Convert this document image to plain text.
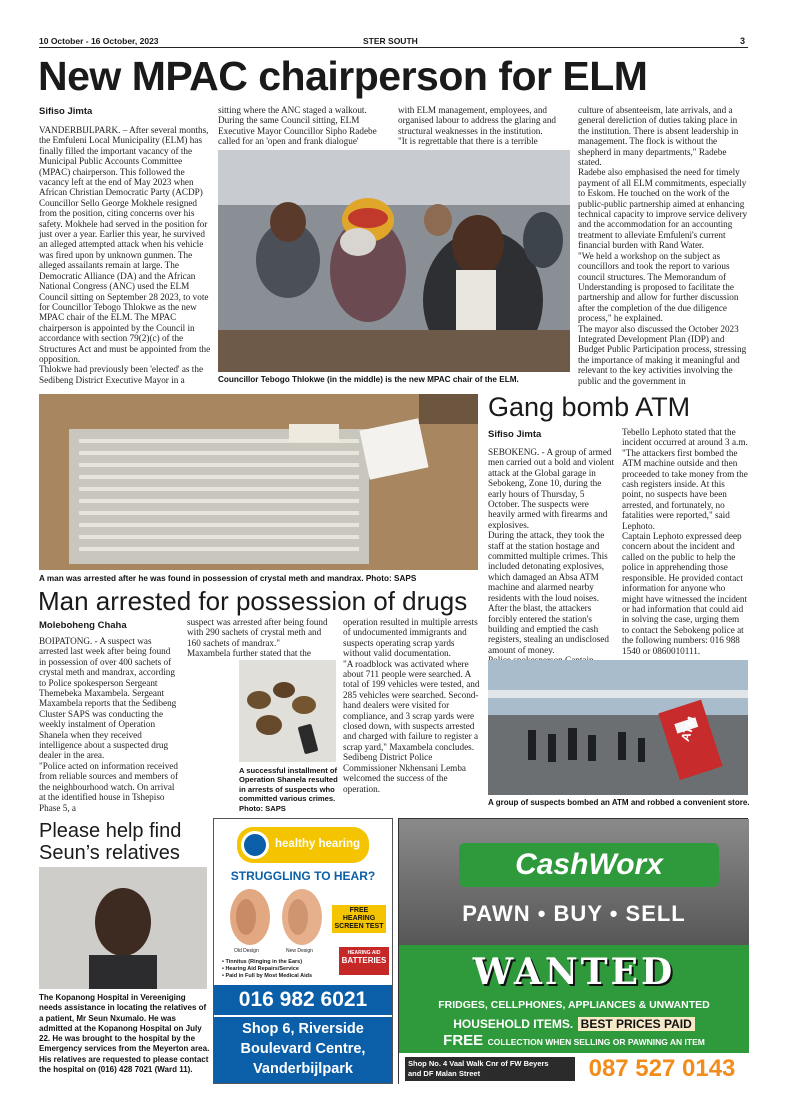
10 October - 16 October, 2023	STER SOUTH	3
New MPAC chairperson for ELM
Sifiso Jimta

VANDERBIJLPARK. – After several months, the Emfuleni Local Municipality (ELM) has finally filled the important vacancy of the Municipal Public Accounts Committee (MPAC) chairperson. This followed the vacancy left at the end of May 2023 when African Christian Democratic Party (ACDP) Councillor Sello George Mokhele resigned from the position, citing concerns over his safety. Mokhele had served in the position for just over a year. Earlier this year, he survived an alleged attempted attack when his vehicle was fired upon by unknown gunmen. The alleged assailants remain at large. The Democratic Alliance (DA) and the African National Congress (ANC) used the ELM Council sitting on September 28 2023, to vote for Councillor Tebogo Thlokwe as the new MPAC chair of the ELM. The MPAC chairperson is appointed by the Council in accordance with section 79(2)(c) of the Structures Act and must be appointed from the opposition.

Thlokwe had previously been 'elected' as the Sedibeng District Executive Mayor in a

sitting where the ANC staged a walkout. During the same Council sitting, ELM Executive Mayor Councillor Sipho Radebe called for an 'open and frank dialogue'

with ELM management, employees, and organised labour to address the glaring and structural weaknesses in the institution.

"It is regrettable that there is a terrible

culture of absenteeism, late arrivals, and a general dereliction of duties taking place in the institution. There is absent leadership in management. The flock is without the shepherd in many departments," Radebe stated.

Radebe also emphasised the need for timely payment of all ELM commitments, especially to Eskom. He touched on the work of the public-public partnership aimed at enhancing technical capacity to improve service delivery and the accommodation for an accounting treatment to alleviate Emfuleni's current financial burden with Rand Water.

"We held a workshop on the subject as councillors and took the report to various council structures. The Memorandum of Understanding is proposed to facilitate the partnership and allow for further discussion after the completion of the due diligence process," he explained.

The mayor also discussed the October 2023 Integrated Development Plan (IDP) and Budget Public Participation process, stressing the importance of making it meaningful and relevant to the key activities involving the public and the government in

Councillor Tebogo Thlokwe (in the middle) is the new MPAC chair of the ELM.
A man was arrested after he was found in possession of crystal meth and mandrax. Photo: SAPS
Man arrested for possession of drugs
Moleboheng Chaha

BOIPATONG. - A suspect was arrested last week after being found in possession of over 400 sachets of crystal meth and mandrax, according to Police spokesperson Sergeant Themebeka Maxambela. Sergeant Maxambela reports that the Sedibeng Cluster SAPS was conducting the weekly instalment of Operation Shanela when they received intelligence about a suspected drug dealer in the area.

"Police acted on information received from reliable sources and members of the neighbourhood watch. On arrival at the identified house in Tshepiso Phase 5, a

suspect was arrested after being found with 290 sachets of crystal meth and 160 sachets of mandrax."

Maxambela further stated that the

A successful installment of Operation Shanela resulted in arrests of suspects who committed various crimes. Photo: SAPS

operation resulted in multiple arrests of undocumented immigrants and suspects operating scrap yards without valid documentation.

"A roadblock was activated where about 711 people were searched. A total of 199 vehicles were tested, and 285 vehicles were searched. Second-hand dealers were visited for compliance, and 3 scrap yards were closed down, with suspects arrested and charged with failure to register a scrap yard," Maxambela concludes.

Sedibeng District Police Commissioner Nkhensani Lemba welcomed the success of the operation.

Gang bomb ATM
Sifiso Jimta

SEBOKENG. - A group of armed men carried out a bold and violent attack at the Global garage in Sebokeng, Zone 10, during the early hours of Thursday, 5 October. The suspects were heavily armed with firearms and explosives.

During the attack, they took the staff at the station hostage and committed multiple crimes. This included detonating explosives, which damaged an Absa ATM machine and alarmed nearby residents with the loud noises. After the blast, the attackers forcibly entered the station's building and emptied the cash registers, stealing an undisclosed amount of money.

Tebello Lephoto stated that the incident occurred at around 3 a.m. "The attackers first bombed the ATM machine outside and then proceeded to take money from the cash registers inside. At this point, no suspects have been arrested, and fortunately, no fatalities were reported," said Lephoto.

Captain Lephoto expressed deep concern about the incident and called on the public to help the police in apprehending those responsible. He provided contact information for anyone who might have witnessed the incident or had information that could aid in solving the case, urging them to contact the Sebokeng police at the following numbers: 016 988 1540 or 0860010111.

ATM
A group of suspects bombed an ATM and robbed a convenient store.
Please help find Seun’s relatives
The Kopanong Hospital in Vereeniging needs assistance in locating the relatives of a patient, Mr Seun Nxumalo. He was admitted at the Kopanong Hospital on July 22. He was brought to the hospital by the Emergency services from the Meyerton area. His relatives are requested to please contact the hospital on (016) 428 7021 (Ward 11).
healthy hearing
STRUGGLING TO HEAR?
FREE HEARING SCREEN TEST
Old Design	New Design
• Tinnitus (Ringing in the Ears)
• Hearing Aid Repairs/Service
• Paid in Full by Most Medical Aids
HEARING AID
BATTERIES
016 982 6021
Shop 6, Riverside
Boulevard Centre,
Vanderbijlpark
CashWorx
PAWN • BUY • SELL
WANTED
FRIDGES, CELLPHONES, APPLIANCES & UNWANTED
HOUSEHOLD ITEMS. BEST PRICES PAID
FREE COLLECTION WHEN SELLING OR PAWNING AN ITEM
Shop No. 4 Vaal Walk Cnr of FW Beyers
and DF Malan Street	087 527 0143
